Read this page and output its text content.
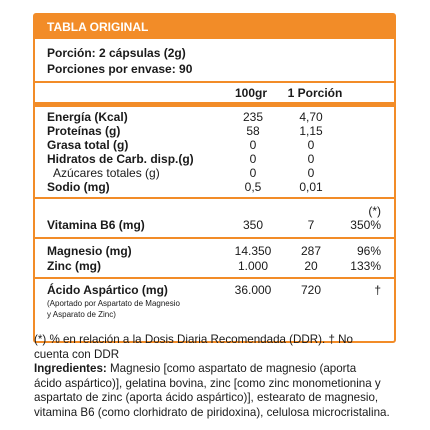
TABLA ORIGINAL
Porción: 2 cápsulas (2g)
Porciones por envase: 90
100gr	1 Porción
Energía (Kcal)	235	4,70
Proteínas (g)	58	1,15
Grasa total (g)	0	0
Hidratos de Carb. disp.(g)	0	0
Azúcares totales (g)	0	0
Sodio (mg)	0,5	0,01
(*)
Vitamina B6 (mg)	350	7	350%
Magnesio (mg)	14.350	287	96%
Zinc (mg)	1.000	20	133%
Ácido Aspártico (mg)	36.000	720	†
(Aportado por Aspartato de Magnesio
y Asparato de Zinc)
(*) % en relación a la Dosis Diaria Recomendada (DDR). † No
cuenta con DDR
Ingredientes: Magnesio [como aspartato de magnesio (aporta
ácido aspártico)], gelatina bovina, zinc [como zinc monometionina y
aspartato de zinc (aporta ácido aspártico)], estearato de magnesio,
vitamina B6 (como clorhidrato de piridoxina), celulosa microcristalina.
